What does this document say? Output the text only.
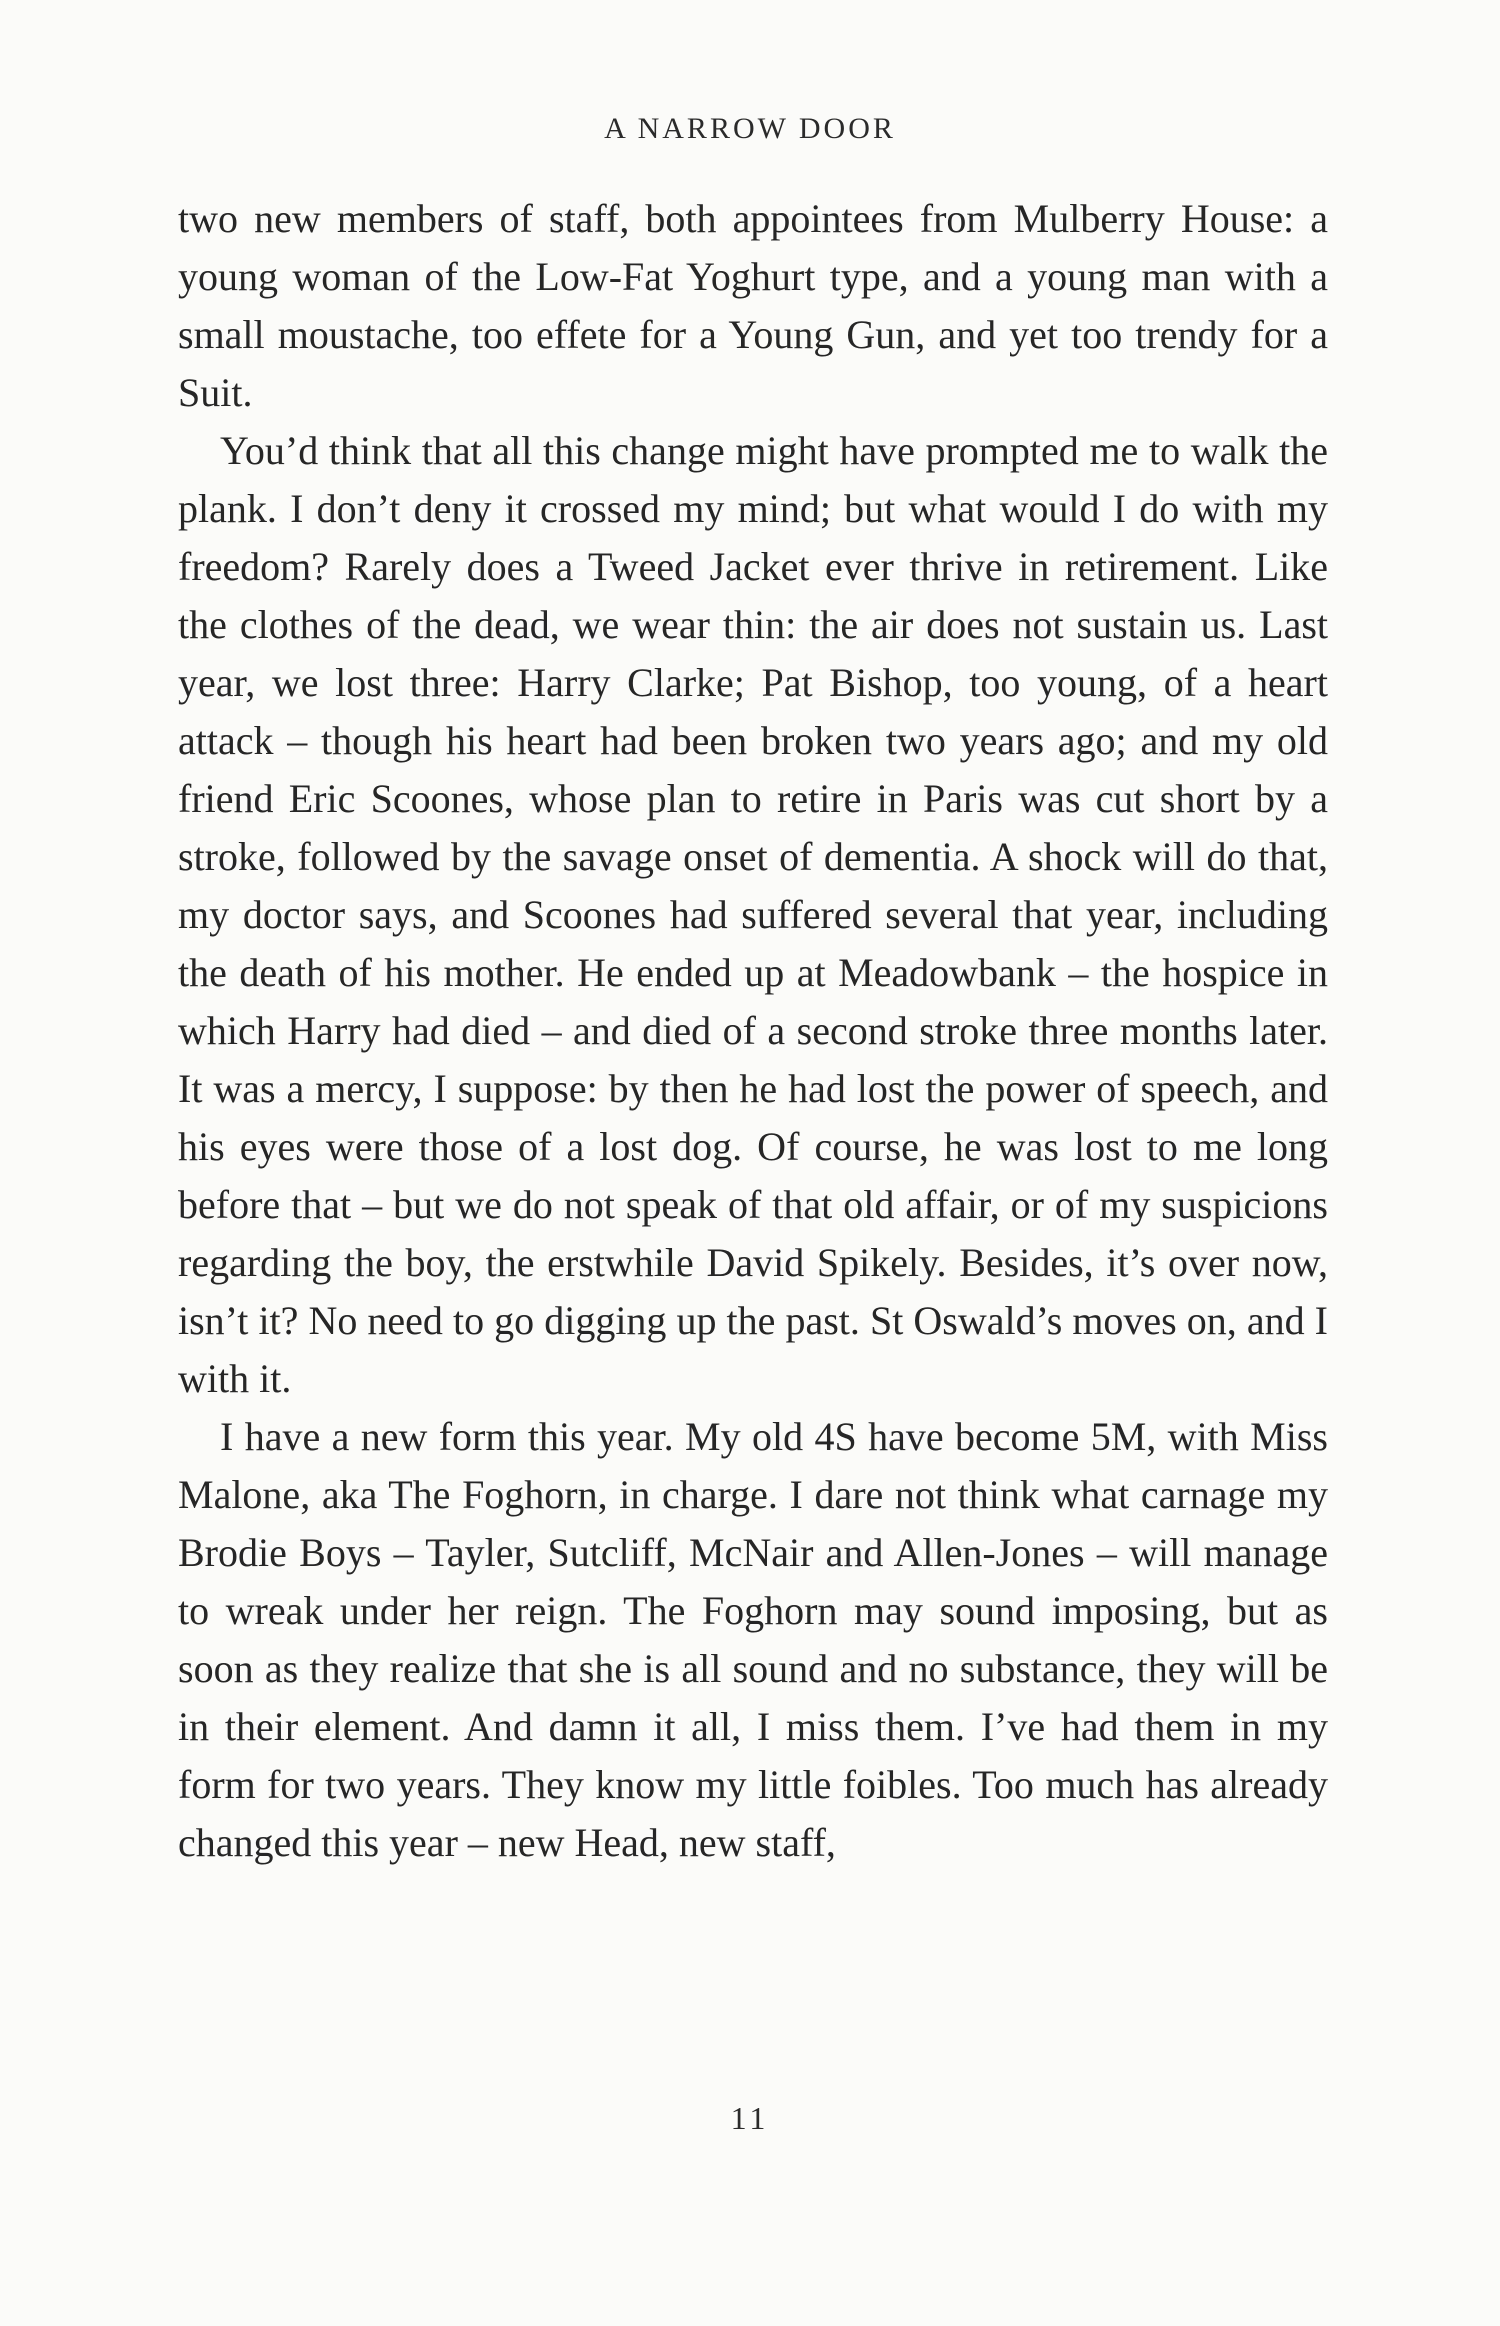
A NARROW DOOR

two new members of staff, both appointees from Mulberry House: a young woman of the Low-Fat Yoghurt type, and a young man with a small moustache, too effete for a Young Gun, and yet too trendy for a Suit.

You’d think that all this change might have prompted me to walk the plank. I don’t deny it crossed my mind; but what would I do with my freedom? Rarely does a Tweed Jacket ever thrive in retirement. Like the clothes of the dead, we wear thin: the air does not sustain us. Last year, we lost three: Harry Clarke; Pat Bishop, too young, of a heart attack – though his heart had been broken two years ago; and my old friend Eric Scoones, whose plan to retire in Paris was cut short by a stroke, followed by the savage onset of dementia. A shock will do that, my doctor says, and Scoones had suffered several that year, including the death of his mother. He ended up at Meadowbank – the hospice in which Harry had died – and died of a second stroke three months later. It was a mercy, I suppose: by then he had lost the power of speech, and his eyes were those of a lost dog. Of course, he was lost to me long before that – but we do not speak of that old affair, or of my suspicions regarding the boy, the erstwhile David Spikely. Besides, it’s over now, isn’t it? No need to go digging up the past. St Oswald’s moves on, and I with it.

I have a new form this year. My old 4S have become 5M, with Miss Malone, aka The Foghorn, in charge. I dare not think what carnage my Brodie Boys – Tayler, Sutcliff, McNair and Allen-Jones – will manage to wreak under her reign. The Foghorn may sound imposing, but as soon as they realize that she is all sound and no substance, they will be in their element. And damn it all, I miss them. I’ve had them in my form for two years. They know my little foibles. Too much has already changed this year – new Head, new staff,

11
